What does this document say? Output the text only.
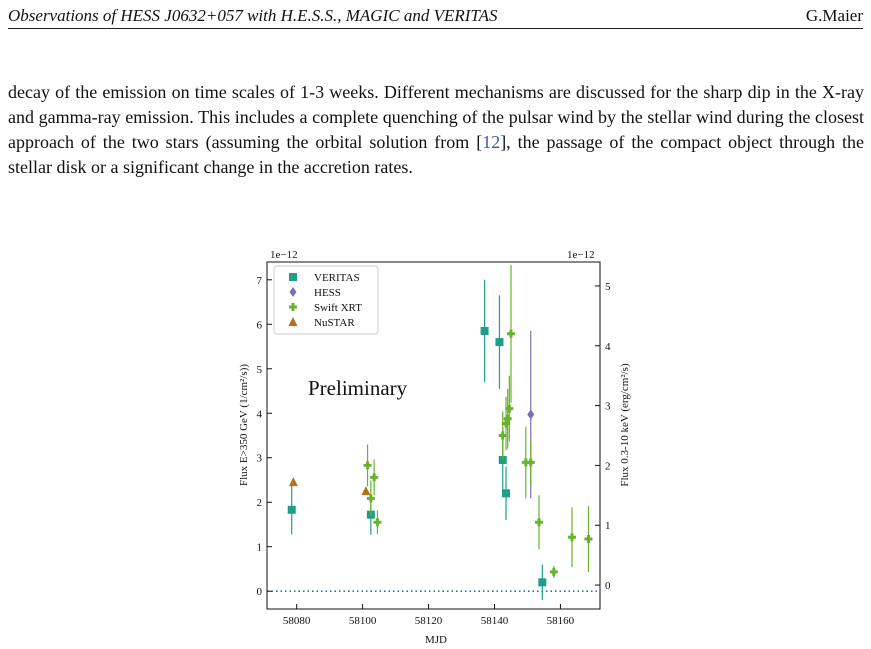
Observations of HESS J0632+057 with H.E.S.S., MAGIC and VERITAS	G.Maier
decay of the emission on time scales of 1-3 weeks. Different mechanisms are discussed for the sharp dip in the X-ray and gamma-ray emission. This includes a complete quenching of the pulsar wind by the stellar wind during the closest approach of the two stars (assuming the orbital solution from [12], the passage of the compact object through the stellar disk or a significant change in the accretion rates.
58080	58100	58120	58140	58160
0
1
2
3
4
5
6
7
0
1
2
3
4
5
VERITAS
HESS
Swift XRT
NuSTAR
1e−12	1e−12
Preliminary
MJD
Flux E>350 GeV (1/cm²/s))	Flux 0.3-10 keV (erg/cm²/s)
